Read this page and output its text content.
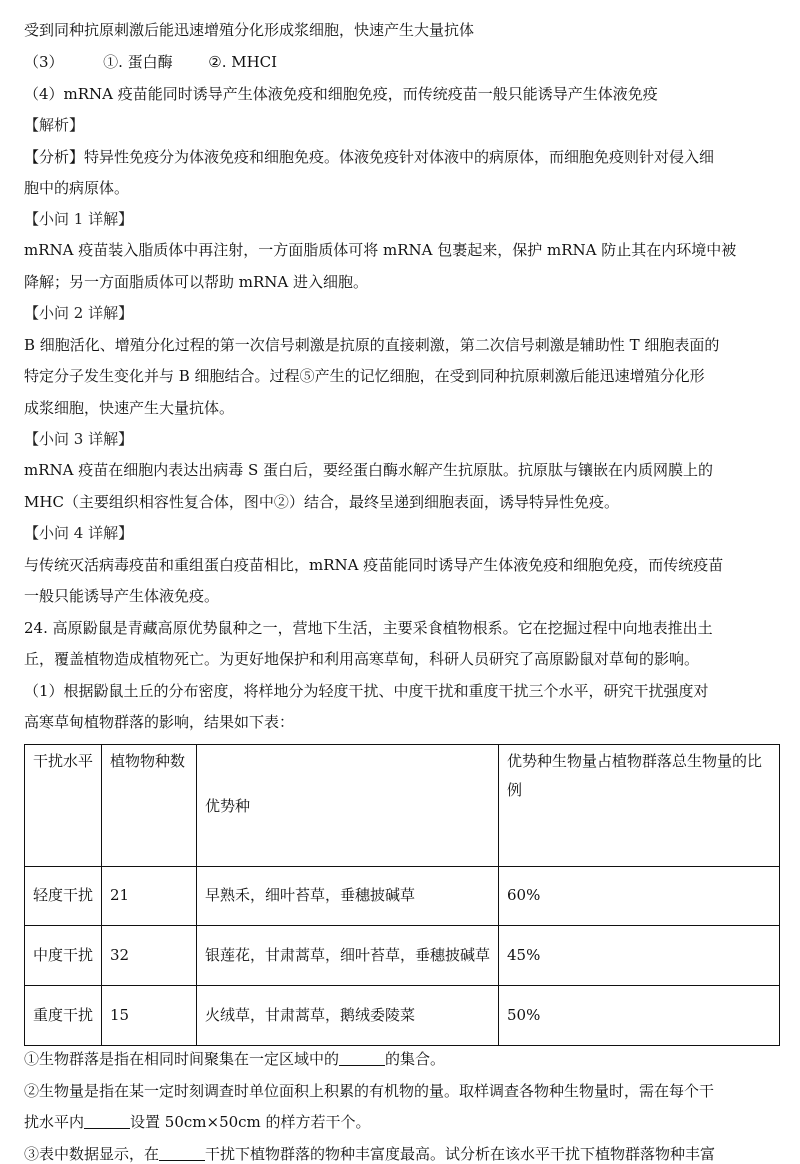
受到同种抗原刺激后能迅速增殖分化形成浆细胞，快速产生大量抗体
（3）	①. 蛋白酶 ②. MHCI
（4）mRNA 疫苗能同时诱导产生体液免疫和细胞免疫，而传统疫苗一般只能诱导产生体液免疫
【解析】
【分析】特异性免疫分为体液免疫和细胞免疫。体液免疫针对体液中的病原体，而细胞免疫则针对侵入细
胞中的病原体。
【小问 1 详解】
mRNA 疫苗装入脂质体中再注射，一方面脂质体可将 mRNA 包裹起来，保护 mRNA 防止其在内环境中被
降解；另一方面脂质体可以帮助 mRNA 进入细胞。
【小问 2 详解】
B 细胞活化、增殖分化过程的第一次信号刺激是抗原的直接刺激，第二次信号刺激是辅助性 T 细胞表面的
特定分子发生变化并与 B 细胞结合。过程⑤产生的记忆细胞，在受到同种抗原刺激后能迅速增殖分化形
成浆细胞，快速产生大量抗体。
【小问 3 详解】
mRNA 疫苗在细胞内表达出病毒 S 蛋白后，要经蛋白酶水解产生抗原肽。抗原肽与镶嵌在内质网膜上的
MHC（主要组织相容性复合体，图中②）结合，最终呈递到细胞表面，诱导特异性免疫。
【小问 4 详解】
与传统灭活病毒疫苗和重组蛋白疫苗相比，mRNA 疫苗能同时诱导产生体液免疫和细胞免疫，而传统疫苗
一般只能诱导产生体液免疫。
24. 高原鼢鼠是青藏高原优势鼠种之一，营地下生活，主要采食植物根系。它在挖掘过程中向地表推出土
丘，覆盖植物造成植物死亡。为更好地保护和利用高寒草甸，科研人员研究了高原鼢鼠对草甸的影响。
（1）根据鼢鼠土丘的分布密度，将样地分为轻度干扰、中度干扰和重度干扰三个水平，研究干扰强度对
高寒草甸植物群落的影响，结果如下表：
干扰水平	植物物种数	优势种	优势种生物量占植物群落总生物量的比例
轻度干扰	21	早熟禾，细叶苔草，垂穗披碱草	60%
中度干扰	32	银莲花，甘肃蒿草，细叶苔草，垂穗披碱草	45%
重度干扰	15	火绒草，甘肃蒿草，鹅绒委陵菜	50%
①生物群落是指在相同时间聚集在一定区域中的	的集合。
②生物量是指在某一定时刻调查时单位面积上积累的有机物的量。取样调查各物种生物量时，需在每个干
扰水平内	设置 50cm×50cm 的样方若干个。
③表中数据显示，在	干扰下植物群落的物种丰富度最高。试分析在该水平干扰下植物群落物种丰富
